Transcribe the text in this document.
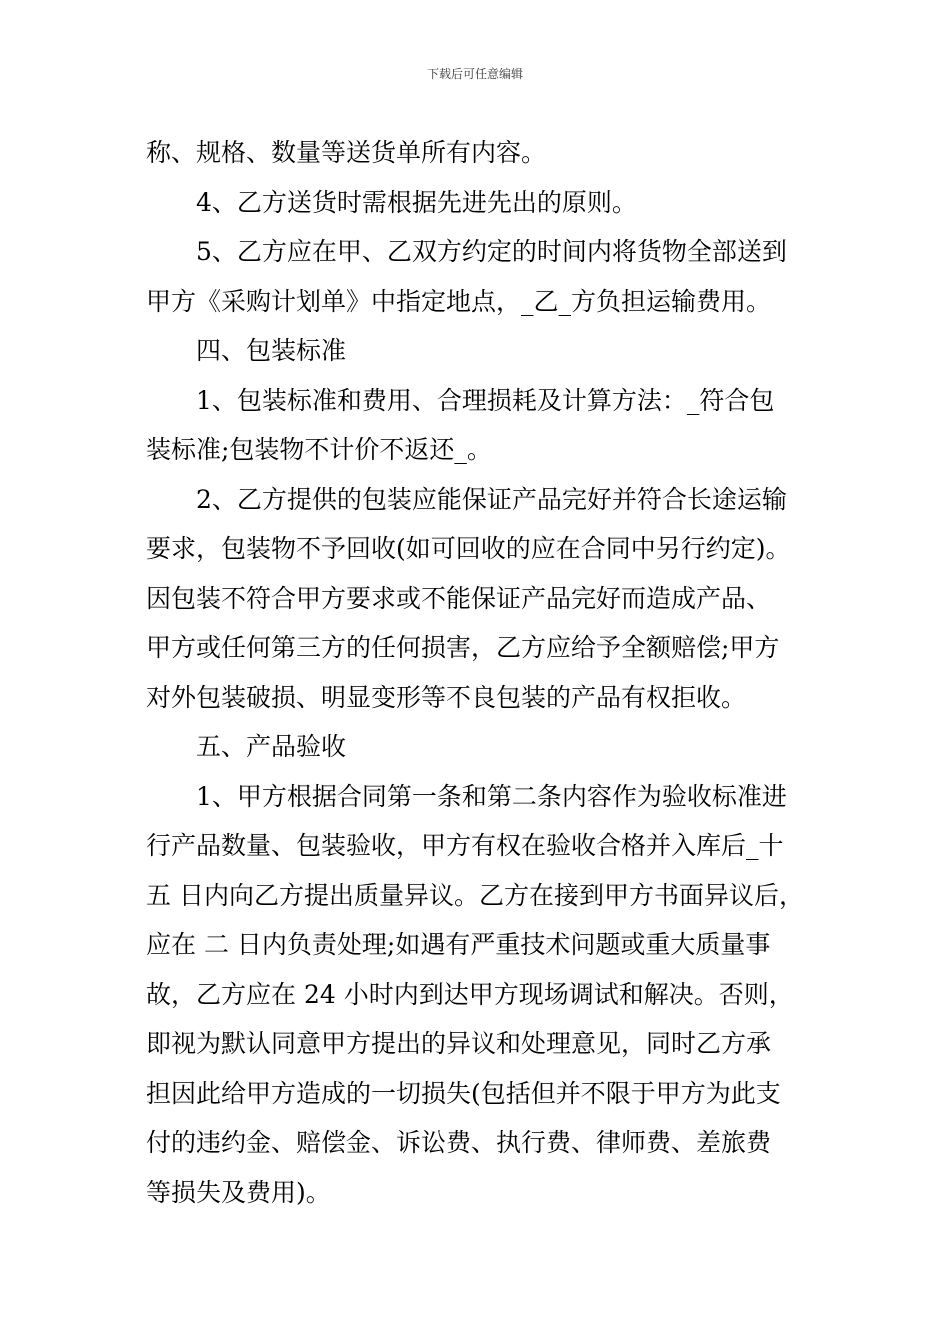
下载后可任意编辑
称、规格、数量等送货单所有内容。
4、乙方送货时需根据先进先出的原则。
5、乙方应在甲、乙双方约定的时间内将货物全部送到
甲方《采购计划单》中指定地点，_乙_方负担运输费用。
四、包装标准
1、包装标准和费用、合理损耗及计算方法：_符合包
装标准;包装物不计价不返还_。
2、乙方提供的包装应能保证产品完好并符合长途运输
要求，包装物不予回收(如可回收的应在合同中另行约定)。
因包装不符合甲方要求或不能保证产品完好而造成产品、
甲方或任何第三方的任何损害，乙方应给予全额赔偿;甲方
对外包装破损、明显变形等不良包装的产品有权拒收。
五、产品验收
1、甲方根据合同第一条和第二条内容作为验收标准进
行产品数量、包装验收，甲方有权在验收合格并入库后_十
五 日内向乙方提出质量异议。乙方在接到甲方书面异议后，
应在 二 日内负责处理;如遇有严重技术问题或重大质量事
故，乙方应在 24 小时内到达甲方现场调试和解决。否则，
即视为默认同意甲方提出的异议和处理意见，同时乙方承
担因此给甲方造成的一切损失(包括但并不限于甲方为此支
付的违约金、赔偿金、诉讼费、执行费、律师费、差旅费
等损失及费用)。
